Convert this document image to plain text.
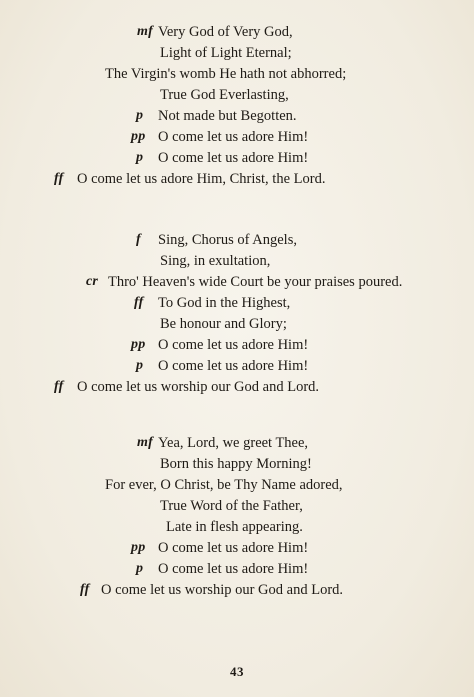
mf Very God of Very God,
Light of Light Eternal;
The Virgin's womb He hath not abhorred;
True God Everlasting,
p Not made but Begotten.
pp O come let us adore Him!
p O come let us adore Him!
ff O come let us adore Him, Christ, the Lord.
f Sing, Chorus of Angels,
Sing, in exultation,
cr Thro' Heaven's wide Court be your praises poured.
ff To God in the Highest,
Be honour and Glory;
pp O come let us adore Him!
p O come let us adore Him!
ff O come let us worship our God and Lord.
mf Yea, Lord, we greet Thee,
Born this happy Morning!
For ever, O Christ, be Thy Name adored,
True Word of the Father,
Late in flesh appearing.
pp O come let us adore Him!
p O come let us adore Him!
ff O come let us worship our God and Lord.
43
